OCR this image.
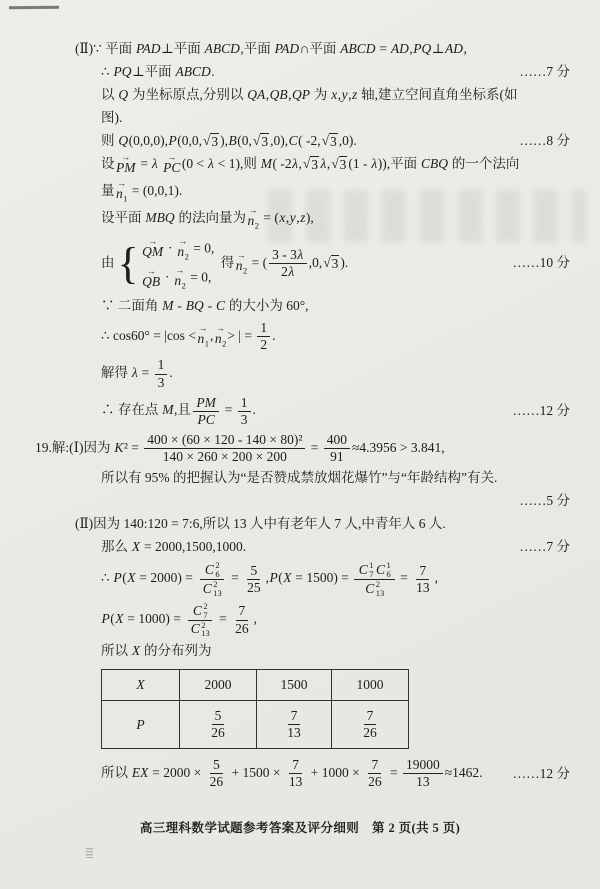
(Ⅱ)∵ 平面 PAD⊥平面 ABCD,平面 PAD∩平面 ABCD = AD,PQ⊥AD,
∴ PQ⊥平面 ABCD.	……7 分
以 Q 为坐标原点,分别以 QA,QB,QP 为 x,y,z 轴,建立空间直角坐标系(如
图).
则 Q(0,0,0),P(0,0, √ 3 ),B(0, √ 3 ,0),C( -2, √ 3 ,0).	……8 分
设 →
PM = λ →
PC (0 < λ < 1),则 M( -2λ, √ 3 λ, √ 3 (1 - λ)),平面 CBQ 的一个法向
量 →
$n_1$
= (0,0,1).
设平面 MBQ 的法向量为 →
$n_2$
= (x,y,z),
由 { →
QM · →
$n_2$
= 0,
→
QB · →
$n_2$
= 0,
得 →
$n_2$
= ( $\frac{3 - 3\lambda}{2\lambda} ,0$, √ 3 ).	……10 分
∵ 二面角 M - BQ - C 的大小为 60°,
∴ cos60° = |cos < →
$n_1$
, →
$n_2$
> | = $\frac{1}{2}$ .
解得 $\lambda = \frac{1}{3}$ .
∴ 存在点 M,且 $\frac{PM}{PC} = \frac{1}{3}$ .	……12 分
19.解:(Ⅰ)因为 $K^2 = \frac{\text{400 × (60 × 120 - 140 × 80)²}}{140 \times 260 \times 200 \times 200} = \frac{400}{91} \approx 4.3956 > 3.841$,
所以有 95% 的把握认为“是否赞成禁放烟花爆竹”与“年龄结构”有关.
……5 分
(Ⅱ)因为 140:120 = 7:6,所以 13 人中有老年人 7 人,中青年人 6 人.
那么 X = 2000,1500,1000.	……7 分
∴ P(X = 2000) = C 2
6
C 2
$13 = \frac{5}{25} ,P(X = 1500) = C$ 1
7 C 1
6
C 2
$13 = \frac{7}{13}$ ,
P(X = 1000) = C 2
7
C 2
$13 = \frac{7}{26}$ ,
所以 X 的分布列为
X	2000	1500	1000
P	$\frac{5}{26}$	$\frac{7}{13}$	$\frac{7}{26}$
所以 EX = $2000 \times \frac{5}{26} + 1500 \times \frac{7}{13} + 1000 \times \frac{7}{26} = \frac{19000}{13} \approx 1462$.	……12 分
高三理科数学试题参考答案及评分细则　第 2 页(共 5 页)
